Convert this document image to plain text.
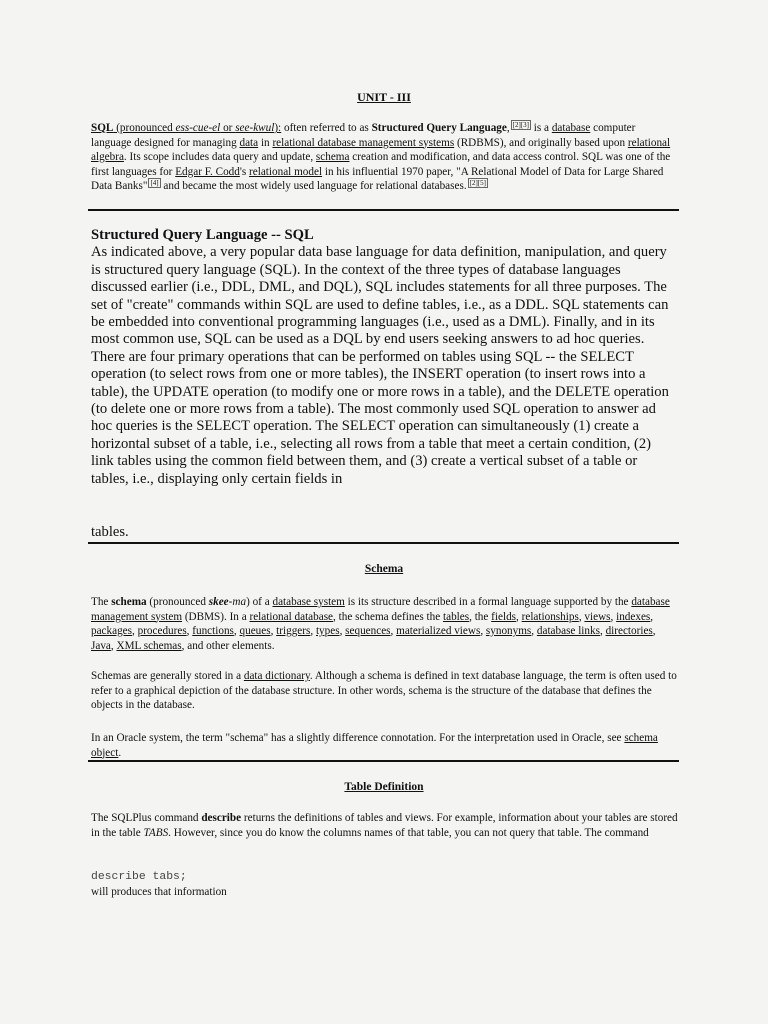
UNIT - III
SQL (pronounced ess-cue-el or see-kwul): often referred to as Structured Query Language, [2][3] is a database computer language designed for managing data in relational database management systems (RDBMS), and originally based upon relational algebra. Its scope includes data query and update, schema creation and modification, and data access control. SQL was one of the first languages for Edgar F. Codd's relational model in his influential 1970 paper, "A Relational Model of Data for Large Shared Data Banks" [4] and became the most widely used language for relational databases. [2][5]
Structured Query Language -- SQL
As indicated above, a very popular data base language for data definition, manipulation, and query is structured query language (SQL). In the context of the three types of database languages discussed earlier (i.e., DDL, DML, and DQL), SQL includes statements for all three purposes. The set of "create" commands within SQL are used to define tables, i.e., as a DDL. SQL statements can be embedded into conventional programming languages (i.e., used as a DML). Finally, and in its most common use, SQL can be used as a DQL by end users seeking answers to ad hoc queries. There are four primary operations that can be performed on tables using SQL -- the SELECT operation (to select rows from one or more tables), the INSERT operation (to insert rows into a table), the UPDATE operation (to modify one or more rows in a table), and the DELETE operation (to delete one or more rows from a table). The most commonly used SQL operation to answer ad hoc queries is the SELECT operation. The SELECT operation can simultaneously (1) create a horizontal subset of a table, i.e., selecting all rows from a table that meet a certain condition, (2) link tables using the common field between them, and (3) create a vertical subset of a table or tables, i.e., displaying only certain fields in
tables.
Schema
The schema (pronounced skee-ma) of a database system is its structure described in a formal language supported by the database management system (DBMS). In a relational database, the schema defines the tables, the fields, relationships, views, indexes, packages, procedures, functions, queues, triggers, types, sequences, materialized views, synonyms, database links, directories, Java, XML schemas, and other elements.
Schemas are generally stored in a data dictionary. Although a schema is defined in text database language, the term is often used to refer to a graphical depiction of the database structure. In other words, schema is the structure of the database that defines the objects in the database.
In an Oracle system, the term "schema" has a slightly difference connotation. For the interpretation used in Oracle, see schema object.
Table Definition
The SQLPlus command describe returns the definitions of tables and views. For example, information about your tables are stored in the table TABS. However, since you do know the columns names of that table, you can not query that table. The command
describe tabs;
will produces that information
